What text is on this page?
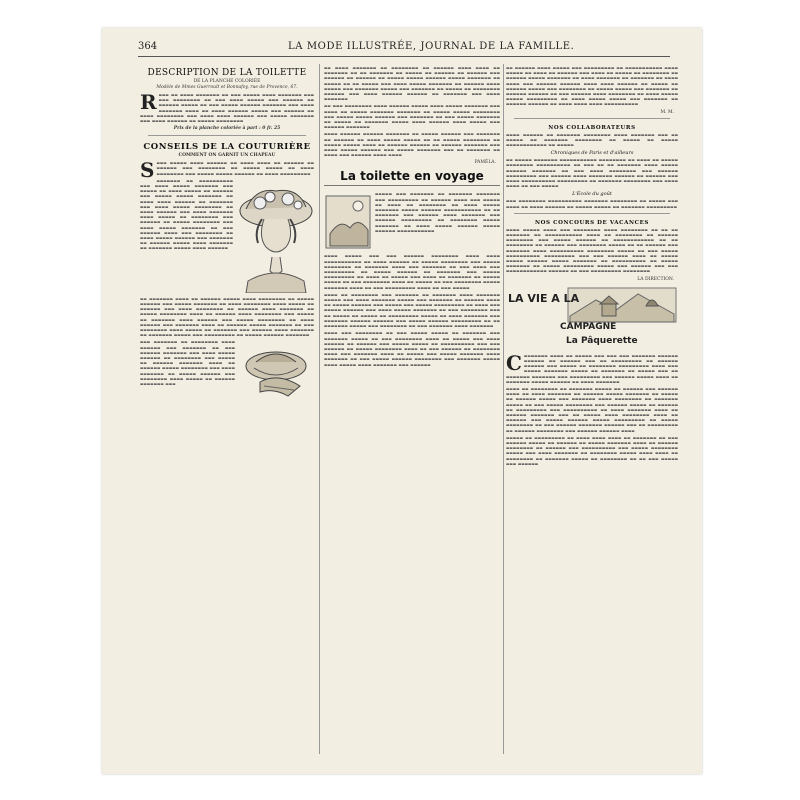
364	LA MODE ILLUSTRÉE, JOURNAL DE LA FAMILLE.
DESCRIPTION DE LA TOILETTE
DE LA PLANCHE COLORIÉE
Modèle de Mmes Guerroult et Bonnafoy, rue de Provence, 67.
R ▬▬▬ ▬▬ ▬▬▬▬ ▬▬▬▬▬▬▬ ▬▬ ▬▬▬ ▬▬▬▬▬ ▬▬▬▬ ▬▬▬▬▬▬▬ ▬▬▬ ▬▬▬ ▬▬▬▬▬▬▬▬ ▬▬ ▬▬▬ ▬▬▬▬ ▬▬▬▬▬ ▬▬▬ ▬▬▬▬▬▬ ▬▬ ▬▬▬▬▬▬ ▬▬▬▬▬ ▬▬ ▬▬▬ ▬▬▬▬▬ ▬▬▬▬▬▬ ▬▬▬▬▬▬▬ ▬▬▬ ▬▬▬▬ ▬▬▬▬▬▬▬ ▬▬▬▬ ▬▬ ▬▬▬▬ ▬▬▬▬▬▬ ▬▬▬▬▬ ▬▬▬ ▬▬▬▬▬▬ ▬▬ ▬▬▬▬ ▬▬▬▬▬▬▬▬ ▬▬▬ ▬▬▬▬ ▬▬▬▬ ▬▬▬▬▬▬ ▬▬▬ ▬▬▬▬▬ ▬▬▬▬▬▬▬ ▬▬▬ ▬▬▬▬ ▬▬▬▬▬▬ ▬▬ ▬▬▬▬▬ ▬▬▬▬▬▬▬▬
Prix de la planche coloriée à part : 0 fr. 25
CONSEILS DE LA COUTURIÈRE
COMMENT ON GARNIT UN CHAPEAU
S ▬▬▬ ▬▬▬▬▬ ▬▬▬▬ ▬▬▬▬▬▬ ▬▬ ▬▬▬▬ ▬▬▬▬ ▬▬ ▬▬▬▬▬▬ ▬▬ ▬▬▬▬▬▬ ▬▬▬ ▬▬▬▬▬▬▬▬ ▬▬ ▬▬▬▬▬ ▬▬▬▬▬ ▬▬ ▬▬▬▬ ▬▬▬▬▬▬▬▬ ▬▬▬ ▬▬▬▬▬ ▬▬▬▬▬ ▬▬▬▬▬▬ ▬▬ ▬▬▬▬ ▬▬▬▬▬▬▬▬▬
▬▬▬▬▬▬▬ ▬▬ ▬▬▬▬▬▬▬▬▬▬ ▬▬▬ ▬▬▬▬ ▬▬▬▬▬ ▬▬▬▬▬▬▬ ▬▬▬ ▬▬▬▬▬ ▬▬ ▬▬▬▬ ▬▬▬▬▬ ▬▬ ▬▬▬▬▬▬ ▬▬▬ ▬▬▬▬▬ ▬▬▬▬▬ ▬▬▬▬▬▬▬ ▬▬ ▬▬▬▬ ▬▬▬▬ ▬▬▬▬▬▬ ▬▬ ▬▬▬▬▬▬▬ ▬▬▬ ▬▬▬▬ ▬▬▬▬▬ ▬▬▬▬▬▬▬▬ ▬▬ ▬▬▬▬ ▬▬▬▬▬▬ ▬▬▬ ▬▬▬▬ ▬▬▬▬▬▬▬ ▬▬▬▬ ▬▬▬▬▬ ▬▬ ▬▬▬▬▬▬▬▬ ▬▬▬ ▬▬▬▬▬▬ ▬▬ ▬▬▬▬▬ ▬▬▬▬▬▬▬▬ ▬▬▬ ▬▬▬▬ ▬▬▬▬▬ ▬▬▬▬▬▬▬ ▬▬ ▬▬▬ ▬▬▬▬▬▬ ▬▬▬▬ ▬▬▬ ▬▬▬▬▬▬▬▬ ▬▬ ▬▬▬▬ ▬▬▬▬▬ ▬▬▬▬▬▬ ▬▬▬ ▬▬▬▬▬▬▬ ▬▬ ▬▬▬▬▬▬ ▬▬▬▬▬ ▬▬▬▬ ▬▬▬▬▬▬▬ ▬▬ ▬▬▬▬▬▬▬ ▬▬▬▬▬ ▬▬▬▬ ▬▬▬▬▬▬
▬▬ ▬▬▬▬▬▬▬ ▬▬▬▬ ▬▬ ▬▬▬▬▬▬ ▬▬▬▬▬ ▬▬▬▬ ▬▬▬▬▬▬▬▬ ▬▬ ▬▬▬▬▬ ▬▬▬▬▬▬ ▬▬▬ ▬▬▬▬▬ ▬▬▬▬▬▬▬ ▬▬ ▬▬▬▬ ▬▬▬▬▬▬▬▬ ▬▬▬▬ ▬▬▬▬▬ ▬▬ ▬▬▬▬▬▬ ▬▬▬ ▬▬▬▬ ▬▬▬▬▬▬▬▬ ▬▬ ▬▬▬▬▬▬ ▬▬▬▬ ▬▬▬▬▬▬▬ ▬▬ ▬▬▬▬▬ ▬▬▬▬▬▬▬▬ ▬▬▬▬ ▬▬ ▬▬▬▬▬▬ ▬▬▬▬ ▬▬▬▬▬▬▬▬ ▬▬▬ ▬▬▬▬▬ ▬▬ ▬▬▬▬▬▬▬ ▬▬▬▬ ▬▬▬▬▬▬ ▬▬▬ ▬▬▬▬▬ ▬▬▬▬▬▬▬▬ ▬▬ ▬▬▬▬ ▬▬▬▬▬▬ ▬▬▬ ▬▬▬▬▬▬▬ ▬▬▬▬ ▬▬ ▬▬▬▬▬▬ ▬▬▬▬▬ ▬▬▬▬▬▬▬ ▬▬ ▬▬▬ ▬▬▬▬▬▬▬▬ ▬▬▬▬ ▬▬▬▬▬ ▬▬ ▬▬▬▬▬▬▬ ▬▬▬ ▬▬▬▬▬▬ ▬▬▬▬ ▬▬▬▬▬▬▬ ▬▬ ▬▬▬▬▬▬▬ ▬▬▬▬▬ ▬▬▬ ▬▬▬▬▬▬▬▬▬ ▬▬ ▬▬▬▬▬ ▬▬▬▬▬▬ ▬▬▬▬▬▬▬
▬▬▬ ▬▬▬▬▬▬▬ ▬▬ ▬▬▬▬▬▬▬▬ ▬▬▬▬ ▬▬▬▬▬▬ ▬▬▬ ▬▬▬▬▬▬▬ ▬▬ ▬▬▬ ▬▬▬▬▬▬ ▬▬▬▬▬▬▬ ▬▬▬ ▬▬▬▬ ▬▬▬▬▬ ▬▬▬▬▬▬ ▬▬ ▬▬▬▬▬▬▬▬ ▬▬▬ ▬▬▬▬▬ ▬▬ ▬▬▬▬▬▬ ▬▬▬▬▬▬▬ ▬▬▬▬ ▬▬ ▬▬▬▬▬▬ ▬▬▬▬▬ ▬▬▬▬▬▬▬▬ ▬▬▬ ▬▬▬▬ ▬▬▬▬▬▬▬ ▬▬ ▬▬▬▬▬ ▬▬▬▬▬▬ ▬▬▬ ▬▬▬▬▬▬▬▬ ▬▬▬▬ ▬▬▬▬▬ ▬▬ ▬▬▬▬▬▬ ▬▬▬▬▬▬▬ ▬▬▬
▬▬ ▬▬▬▬ ▬▬▬▬▬▬▬ ▬▬ ▬▬▬▬▬▬▬▬ ▬▬ ▬▬▬▬▬▬ ▬▬▬▬ ▬▬▬▬ ▬▬ ▬▬▬▬▬▬▬ ▬▬ ▬▬ ▬▬▬▬▬▬▬ ▬▬ ▬▬▬▬▬ ▬▬ ▬▬▬▬▬▬ ▬▬ ▬▬▬▬▬▬ ▬▬▬ ▬▬▬▬▬▬ ▬▬ ▬▬▬▬▬▬ ▬▬ ▬▬▬▬▬ ▬▬▬▬▬ ▬▬▬▬▬▬ ▬▬▬▬▬ ▬▬▬▬▬▬▬ ▬▬ ▬▬▬▬▬ ▬▬ ▬▬ ▬▬▬▬▬ ▬▬▬ ▬▬▬▬ ▬▬▬▬▬ ▬▬▬▬▬▬▬ ▬▬ ▬▬▬▬▬▬ ▬▬▬▬ ▬▬▬▬▬ ▬▬▬ ▬▬▬▬▬▬▬ ▬▬▬▬▬ ▬▬▬ ▬▬▬▬▬▬▬ ▬▬ ▬▬▬▬▬ ▬▬ ▬▬▬▬▬▬▬▬ ▬▬▬▬▬▬ ▬▬▬ ▬▬▬▬ ▬▬▬▬▬▬ ▬▬▬▬▬▬ ▬▬ ▬▬▬▬▬▬▬ ▬▬▬ ▬▬▬▬ ▬▬▬▬▬▬▬
▬▬ ▬▬▬ ▬▬▬▬▬▬▬▬ ▬▬▬▬ ▬▬▬▬▬▬ ▬▬▬▬▬ ▬▬▬▬ ▬▬▬▬▬ ▬▬▬▬▬▬▬ ▬▬▬ ▬▬▬▬ ▬▬ ▬▬▬▬▬ ▬▬▬▬▬▬▬ ▬▬▬▬▬▬▬ ▬▬ ▬▬▬▬▬ ▬▬▬▬▬ ▬▬▬▬▬▬▬▬ ▬▬▬ ▬▬▬▬▬ ▬▬▬▬▬ ▬▬▬▬▬▬ ▬▬▬ ▬▬▬▬▬▬▬ ▬▬ ▬▬▬ ▬▬▬▬▬ ▬▬▬▬▬▬▬ ▬▬ ▬▬▬▬▬ ▬▬ ▬▬▬▬▬▬▬ ▬▬▬▬▬ ▬▬▬▬ ▬▬▬▬▬▬ ▬▬▬▬ ▬▬▬▬▬ ▬▬▬ ▬▬▬▬▬▬ ▬▬▬▬▬▬▬
▬▬▬▬ ▬▬▬▬▬▬ ▬▬▬▬▬▬ ▬▬▬▬▬▬▬ ▬▬ ▬▬▬▬▬ ▬▬▬▬▬▬ ▬▬▬ ▬▬▬▬▬▬▬ ▬▬ ▬▬▬▬▬▬ ▬▬ ▬▬▬▬ ▬▬▬▬▬ ▬▬▬▬▬ ▬▬ ▬▬ ▬▬▬▬▬ ▬▬▬▬▬▬▬▬ ▬▬ ▬▬▬▬▬ ▬▬▬▬▬ ▬▬▬▬ ▬▬ ▬▬▬▬▬▬ ▬▬▬▬▬▬ ▬▬ ▬▬▬▬▬▬ ▬▬▬▬▬▬▬ ▬▬▬ ▬▬▬▬ ▬▬▬▬▬ ▬▬▬▬▬▬ ▬▬▬ ▬▬▬▬▬ ▬▬▬▬▬▬▬ ▬▬▬ ▬▬ ▬▬▬▬▬▬▬ ▬▬ ▬▬▬▬ ▬▬▬ ▬▬▬▬▬▬ ▬▬▬▬ ▬▬▬▬
PAMÉLA.
La toilette en voyage
▬▬▬▬▬ ▬▬▬ ▬▬▬▬▬▬▬ ▬▬ ▬▬▬▬▬▬▬ ▬▬▬▬▬▬▬ ▬▬▬ ▬▬▬▬▬▬▬▬▬ ▬▬ ▬▬▬▬▬▬ ▬▬▬▬ ▬▬▬ ▬▬▬▬▬ ▬▬ ▬▬▬▬ ▬▬ ▬▬▬▬▬▬▬▬ ▬▬ ▬▬▬▬ ▬▬▬▬▬ ▬▬▬▬▬▬▬ ▬▬▬▬▬ ▬▬▬▬▬▬ ▬▬▬▬▬▬▬▬▬▬▬ ▬▬ ▬▬ ▬▬▬▬▬▬▬ ▬▬▬ ▬▬▬▬▬▬ ▬▬▬▬ ▬▬▬▬▬▬▬ ▬▬▬ ▬▬▬▬▬▬ ▬▬▬▬▬▬▬▬▬ ▬▬ ▬▬▬▬▬▬▬▬ ▬▬▬▬▬ ▬▬▬▬▬▬▬ ▬▬ ▬▬▬▬ ▬▬▬▬▬ ▬▬▬▬▬▬ ▬▬▬▬▬ ▬▬▬▬▬▬ ▬▬▬▬▬▬▬▬▬▬▬
▬▬▬▬ ▬▬▬▬▬ ▬▬▬ ▬▬▬ ▬▬▬▬▬▬ ▬▬▬▬▬▬▬▬ ▬▬▬▬ ▬▬▬▬ ▬▬▬▬▬▬▬▬▬▬▬ ▬▬ ▬▬▬▬ ▬▬▬▬▬▬ ▬▬ ▬▬▬▬▬ ▬▬▬▬▬▬▬▬ ▬▬▬ ▬▬▬▬▬ ▬▬▬▬▬▬▬▬ ▬▬ ▬▬▬▬▬▬▬ ▬▬▬▬ ▬▬▬ ▬▬▬▬▬▬▬ ▬▬ ▬▬▬ ▬▬▬▬ ▬▬▬ ▬▬▬▬▬▬▬▬▬ ▬▬ ▬▬▬▬▬ ▬▬▬▬▬▬ ▬▬ ▬▬▬▬▬▬▬ ▬▬▬ ▬▬▬▬▬ ▬▬▬▬▬▬▬▬▬ ▬▬ ▬▬▬▬ ▬▬ ▬▬▬▬▬ ▬▬▬ ▬▬▬▬ ▬▬ ▬▬▬▬▬▬▬ ▬▬ ▬▬▬▬▬ ▬▬▬▬▬ ▬▬ ▬▬▬ ▬▬▬▬▬▬▬▬ ▬▬▬▬ ▬▬ ▬▬▬▬▬ ▬▬ ▬▬▬ ▬▬▬▬▬▬▬▬ ▬▬▬▬▬ ▬▬▬▬▬▬▬ ▬▬▬▬ ▬▬ ▬▬▬ ▬▬▬▬▬▬▬▬▬ ▬▬▬▬ ▬▬ ▬▬▬ ▬▬▬▬▬
▬▬▬▬ ▬▬ ▬▬▬▬▬▬▬▬ ▬▬▬ ▬▬▬▬▬▬▬ ▬▬ ▬▬▬▬▬▬▬ ▬▬▬▬ ▬▬▬▬▬▬▬ ▬▬▬▬▬ ▬▬▬ ▬▬▬▬ ▬▬▬▬▬▬▬ ▬▬▬▬▬ ▬▬▬ ▬▬▬▬▬▬▬ ▬▬ ▬▬▬▬▬▬ ▬▬▬▬ ▬▬ ▬▬▬▬▬ ▬▬▬▬▬▬ ▬▬▬ ▬▬▬▬▬ ▬▬▬ ▬▬▬▬▬ ▬▬▬▬▬▬▬▬▬ ▬▬ ▬▬▬▬ ▬▬▬ ▬▬▬▬▬ ▬▬▬▬▬▬ ▬▬▬ ▬▬▬▬ ▬▬▬▬▬ ▬▬▬▬▬▬▬ ▬▬ ▬▬▬ ▬▬▬▬▬▬▬▬ ▬▬▬ ▬▬ ▬▬▬▬▬ ▬▬ ▬▬▬▬▬ ▬▬ ▬▬▬▬▬▬▬▬▬ ▬▬▬▬▬ ▬▬ ▬▬▬▬ ▬▬▬▬▬▬▬ ▬▬▬ ▬▬▬▬▬▬▬ ▬▬▬▬▬▬ ▬▬▬▬▬▬ ▬▬▬ ▬▬▬▬▬ ▬▬▬▬▬▬ ▬▬▬▬▬▬▬▬▬ ▬▬ ▬▬ ▬▬▬▬▬▬▬ ▬▬▬▬▬ ▬▬▬ ▬▬▬▬▬▬▬▬ ▬▬ ▬▬▬ ▬▬▬▬▬▬▬ ▬▬▬▬ ▬▬▬▬▬▬▬
▬▬▬▬ ▬▬▬ ▬▬▬▬▬▬▬▬ ▬▬ ▬▬▬ ▬▬▬▬▬ ▬▬▬▬▬ ▬▬ ▬▬▬▬▬▬▬ ▬▬▬ ▬▬▬▬▬▬▬ ▬▬▬▬▬ ▬▬ ▬▬▬ ▬▬▬▬▬▬▬▬ ▬▬▬▬ ▬▬ ▬▬▬▬▬ ▬▬▬ ▬▬▬▬ ▬▬▬▬▬▬ ▬▬ ▬▬▬▬▬▬ ▬▬▬ ▬▬▬▬▬ ▬▬▬▬▬ ▬▬ ▬▬▬▬▬▬▬▬▬▬ ▬▬▬ ▬▬▬ ▬▬▬▬▬▬ ▬▬ ▬▬▬▬▬ ▬▬▬▬▬▬▬▬ ▬▬▬▬ ▬▬ ▬▬▬ ▬▬▬▬▬▬ ▬▬ ▬▬▬▬▬▬▬▬ ▬▬▬▬ ▬▬▬ ▬▬▬▬▬▬▬ ▬▬▬▬ ▬▬ ▬▬▬▬▬ ▬▬▬ ▬▬▬▬▬ ▬▬▬▬▬▬▬ ▬▬▬▬ ▬▬▬▬▬▬▬ ▬▬ ▬▬▬ ▬▬▬▬▬ ▬▬▬▬▬▬ ▬▬▬▬▬▬▬▬ ▬▬▬ ▬▬▬▬▬▬▬ ▬▬▬▬▬ ▬▬▬▬ ▬▬▬▬▬ ▬▬▬▬ ▬▬▬▬▬▬▬ ▬▬▬ ▬▬▬▬▬▬
▬▬ ▬▬▬▬▬▬ ▬▬▬▬ ▬▬▬▬▬ ▬▬▬ ▬▬▬▬▬▬▬▬▬ ▬▬ ▬▬▬▬▬▬▬▬▬▬▬ ▬▬▬▬ ▬▬▬▬▬ ▬▬ ▬▬▬▬ ▬▬ ▬▬▬▬▬▬ ▬▬▬ ▬▬▬▬ ▬▬ ▬▬▬▬▬ ▬▬ ▬▬▬▬▬▬▬▬ ▬▬ ▬▬▬▬▬▬ ▬▬▬▬▬ ▬▬▬▬▬▬▬ ▬▬ ▬▬▬▬ ▬▬▬▬▬▬▬ ▬▬ ▬▬▬▬▬▬▬ ▬▬ ▬▬▬▬ ▬▬▬▬ ▬▬▬ ▬▬▬▬▬▬ ▬▬▬▬▬▬ ▬▬▬▬ ▬▬▬▬ ▬▬▬▬▬▬ ▬▬ ▬▬▬▬▬ ▬▬ ▬▬▬▬▬▬ ▬▬▬▬▬ ▬▬▬ ▬▬▬▬▬▬▬▬ ▬▬ ▬▬▬▬▬ ▬▬▬▬▬ ▬▬▬ ▬▬▬▬▬▬▬ ▬▬ ▬▬▬▬▬▬ ▬▬▬▬▬▬ ▬▬ ▬▬▬ ▬▬▬▬▬▬ ▬▬▬▬ ▬▬▬▬▬▬▬▬ ▬▬ ▬▬▬▬ ▬▬▬▬▬ ▬▬▬▬▬ ▬▬▬▬▬▬▬▬▬ ▬▬ ▬▬▬▬ ▬▬▬▬▬ ▬▬▬▬▬ ▬▬▬ ▬▬▬▬▬▬▬ ▬▬ ▬▬▬▬▬▬ ▬▬▬▬▬▬ ▬▬ ▬▬▬▬ ▬▬▬▬ ▬▬▬▬ ▬▬▬▬▬▬▬▬▬▬
M. M.
NOS COLLABORATEURS
▬▬▬▬ ▬▬▬▬▬▬ ▬▬ ▬▬▬▬▬▬▬ ▬▬▬▬▬▬▬▬ ▬▬▬▬ ▬▬▬▬▬▬▬ ▬▬▬ ▬▬ ▬▬▬▬▬ ▬▬ ▬▬▬▬▬▬▬ ▬▬▬▬▬▬▬▬ ▬▬ ▬▬▬▬▬ ▬▬ ▬▬▬▬▬ ▬▬▬▬▬▬▬▬▬▬▬▬ ▬▬ ▬▬▬▬▬
Chroniques de Paris et d'ailleurs
▬▬ ▬▬▬▬▬ ▬▬▬▬▬▬▬ ▬▬▬▬▬▬▬▬▬▬▬ ▬▬▬▬▬▬▬▬ ▬▬ ▬▬▬▬ ▬▬ ▬▬▬▬▬ ▬▬▬▬▬▬▬▬ ▬▬▬▬▬▬▬▬▬▬ ▬▬ ▬▬▬ ▬▬ ▬▬ ▬▬▬▬▬▬▬ ▬▬▬▬ ▬▬▬▬▬ ▬▬▬▬▬▬ ▬▬▬▬▬▬▬ ▬▬ ▬▬▬ ▬▬▬▬ ▬▬▬▬▬▬▬▬ ▬▬▬ ▬▬▬▬▬▬ ▬▬▬▬▬▬▬▬▬ ▬▬▬ ▬▬▬▬▬▬ ▬▬▬▬ ▬▬▬▬▬▬▬ ▬▬▬▬▬▬ ▬▬ ▬▬▬▬▬▬ ▬▬▬ ▬▬▬▬ ▬▬▬▬▬▬▬▬▬▬ ▬▬▬▬▬▬▬▬▬ ▬▬ ▬▬▬▬▬▬▬ ▬▬▬▬▬▬▬▬ ▬▬▬ ▬▬▬▬ ▬▬▬▬ ▬▬ ▬▬▬ ▬▬▬▬▬
L'École du goût
▬▬▬ ▬▬▬▬▬▬▬▬ ▬▬▬▬▬▬▬▬▬▬ ▬▬▬▬▬▬▬ ▬▬▬▬▬▬▬▬ ▬▬ ▬▬▬▬▬ ▬▬▬ ▬▬▬▬ ▬▬ ▬▬▬▬ ▬▬▬▬▬▬ ▬▬ ▬▬▬▬▬ ▬▬▬▬▬ ▬▬ ▬▬▬▬▬▬▬ ▬▬▬▬▬▬▬▬▬
NOS CONCOURS DE VACANCES
▬▬▬▬ ▬▬▬▬▬ ▬▬▬▬ ▬▬▬ ▬▬▬▬▬▬▬▬ ▬▬▬▬ ▬▬▬▬▬▬▬▬ ▬▬ ▬▬ ▬▬ ▬▬▬▬▬▬▬ ▬▬ ▬▬▬▬▬▬▬▬▬▬▬ ▬▬▬▬ ▬▬ ▬▬▬▬▬▬▬▬ ▬▬ ▬▬▬▬▬▬ ▬▬▬▬▬▬▬▬ ▬▬▬ ▬▬▬▬▬ ▬▬▬▬▬▬ ▬▬ ▬▬▬▬▬▬▬▬▬▬▬▬ ▬▬ ▬▬ ▬▬▬▬▬▬▬▬ ▬▬ ▬▬▬▬▬▬ ▬▬▬ ▬▬▬▬▬▬▬▬ ▬▬▬▬▬ ▬▬ ▬▬ ▬▬▬▬▬▬ ▬▬▬ ▬▬▬▬▬▬▬ ▬▬▬▬ ▬▬▬▬▬▬▬▬▬▬ ▬▬▬▬▬▬▬▬ ▬▬▬▬▬ ▬▬ ▬▬▬ ▬▬▬▬▬ ▬▬▬▬▬▬▬▬▬▬ ▬▬▬▬▬▬▬▬▬ ▬▬▬ ▬▬▬ ▬▬▬▬▬▬ ▬▬▬▬ ▬▬ ▬▬▬▬▬ ▬▬▬▬▬ ▬▬▬▬▬▬ ▬▬▬▬▬ ▬▬▬▬▬▬▬ ▬▬ ▬▬▬▬▬▬▬▬▬▬ ▬▬ ▬▬▬▬▬ ▬▬▬▬▬▬▬ ▬▬ ▬▬▬▬▬ ▬▬▬▬▬▬▬▬▬ ▬▬▬▬▬ ▬▬▬ ▬▬▬▬▬▬ ▬▬▬ ▬▬▬ ▬▬▬▬▬▬▬▬▬▬▬▬ ▬▬▬▬▬▬ ▬▬ ▬▬▬ ▬▬▬▬▬▬▬▬▬ ▬▬▬▬▬▬▬▬
LA DIRECTION.
LA VIE A LA
CAMPAGNE
La Pâquerette
C ▬▬▬▬▬▬▬ ▬▬▬▬ ▬▬ ▬▬▬▬▬ ▬▬▬ ▬▬▬ ▬▬▬ ▬▬▬▬▬▬▬ ▬▬▬▬▬▬ ▬▬▬▬▬▬ ▬▬ ▬▬▬▬▬▬ ▬▬▬ ▬▬ ▬▬▬▬▬▬▬▬▬ ▬▬ ▬▬▬▬▬▬ ▬▬▬▬▬▬ ▬▬▬ ▬▬▬▬▬ ▬▬ ▬▬▬▬▬▬▬▬ ▬▬▬▬▬▬▬▬▬ ▬▬▬▬ ▬▬▬ ▬▬▬▬▬ ▬▬▬▬▬▬▬ ▬▬▬▬▬ ▬▬ ▬▬▬▬▬▬▬ ▬▬ ▬▬▬▬▬ ▬▬▬ ▬▬ ▬▬▬▬▬▬▬ ▬▬▬▬▬▬▬ ▬▬▬ ▬▬▬▬▬▬▬▬▬ ▬▬▬ ▬▬▬▬▬▬ ▬▬▬▬▬ ▬▬▬▬ ▬▬ ▬▬▬▬▬▬▬ ▬▬▬▬▬ ▬▬▬▬▬▬ ▬▬ ▬▬▬▬ ▬▬▬▬▬▬▬
▬▬▬▬ ▬▬ ▬▬▬▬▬▬▬▬ ▬▬ ▬▬▬▬▬▬▬ ▬▬▬▬▬ ▬▬ ▬▬▬▬▬▬ ▬▬▬ ▬▬▬▬▬▬ ▬▬▬▬ ▬▬ ▬▬▬▬ ▬▬▬▬▬▬▬ ▬▬ ▬▬▬▬▬▬ ▬▬▬▬▬ ▬▬▬▬▬▬▬ ▬▬ ▬▬▬▬▬ ▬▬ ▬▬▬▬▬▬ ▬▬▬▬▬ ▬▬▬ ▬▬▬▬▬▬▬ ▬▬▬▬ ▬▬▬▬▬▬▬▬ ▬▬ ▬▬▬▬▬▬▬ ▬▬▬▬▬ ▬▬ ▬▬▬ ▬▬▬▬▬ ▬▬▬▬▬▬▬▬ ▬▬▬ ▬▬▬▬▬▬ ▬▬▬▬▬ ▬▬ ▬▬▬▬▬▬ ▬▬ ▬▬▬▬▬▬▬▬▬ ▬▬▬ ▬▬▬▬▬▬▬▬▬▬ ▬▬ ▬▬▬▬ ▬▬▬▬▬▬▬ ▬▬▬▬ ▬▬ ▬▬▬▬▬▬ ▬▬▬▬▬▬▬ ▬▬▬ ▬▬ ▬▬▬▬▬ ▬▬▬▬ ▬▬▬▬▬▬▬▬ ▬▬▬▬ ▬▬ ▬▬▬▬▬▬ ▬▬▬ ▬▬▬▬▬ ▬▬▬▬▬▬ ▬▬▬▬▬ ▬▬▬▬▬▬▬▬▬ ▬▬ ▬▬▬▬▬ ▬▬▬▬▬▬▬▬ ▬▬ ▬▬▬ ▬▬▬▬▬▬ ▬▬▬▬▬▬▬ ▬▬▬▬▬▬ ▬▬▬ ▬▬ ▬▬▬▬▬▬▬▬▬ ▬▬ ▬▬▬▬▬▬ ▬▬▬▬▬▬▬▬ ▬▬▬ ▬▬▬▬▬▬ ▬▬▬▬▬▬ ▬▬▬▬
▬▬▬▬▬ ▬▬ ▬▬▬▬▬▬▬▬▬ ▬▬ ▬▬▬▬ ▬▬▬▬ ▬▬▬▬ ▬▬ ▬▬▬▬▬▬▬ ▬▬ ▬▬▬ ▬▬▬▬▬▬ ▬▬▬▬▬ ▬▬ ▬▬▬▬▬▬ ▬▬ ▬▬▬▬▬ ▬▬▬▬▬▬▬ ▬▬▬▬ ▬▬ ▬▬▬▬▬▬ ▬▬▬▬▬▬▬▬ ▬▬ ▬▬▬▬▬▬ ▬▬▬ ▬▬▬▬▬▬▬▬▬▬ ▬▬▬ ▬▬▬▬▬ ▬▬▬▬▬▬▬▬ ▬▬▬▬▬ ▬▬▬ ▬▬▬▬ ▬▬▬▬▬▬▬ ▬▬ ▬▬▬▬▬▬▬▬ ▬▬▬▬▬ ▬▬▬▬ ▬▬▬▬ ▬▬ ▬▬▬▬▬▬▬▬ ▬▬ ▬▬▬▬▬▬▬ ▬▬▬▬▬ ▬▬ ▬▬▬▬▬▬▬▬ ▬▬ ▬▬ ▬▬▬ ▬▬▬▬▬ ▬▬▬ ▬▬▬▬▬▬
